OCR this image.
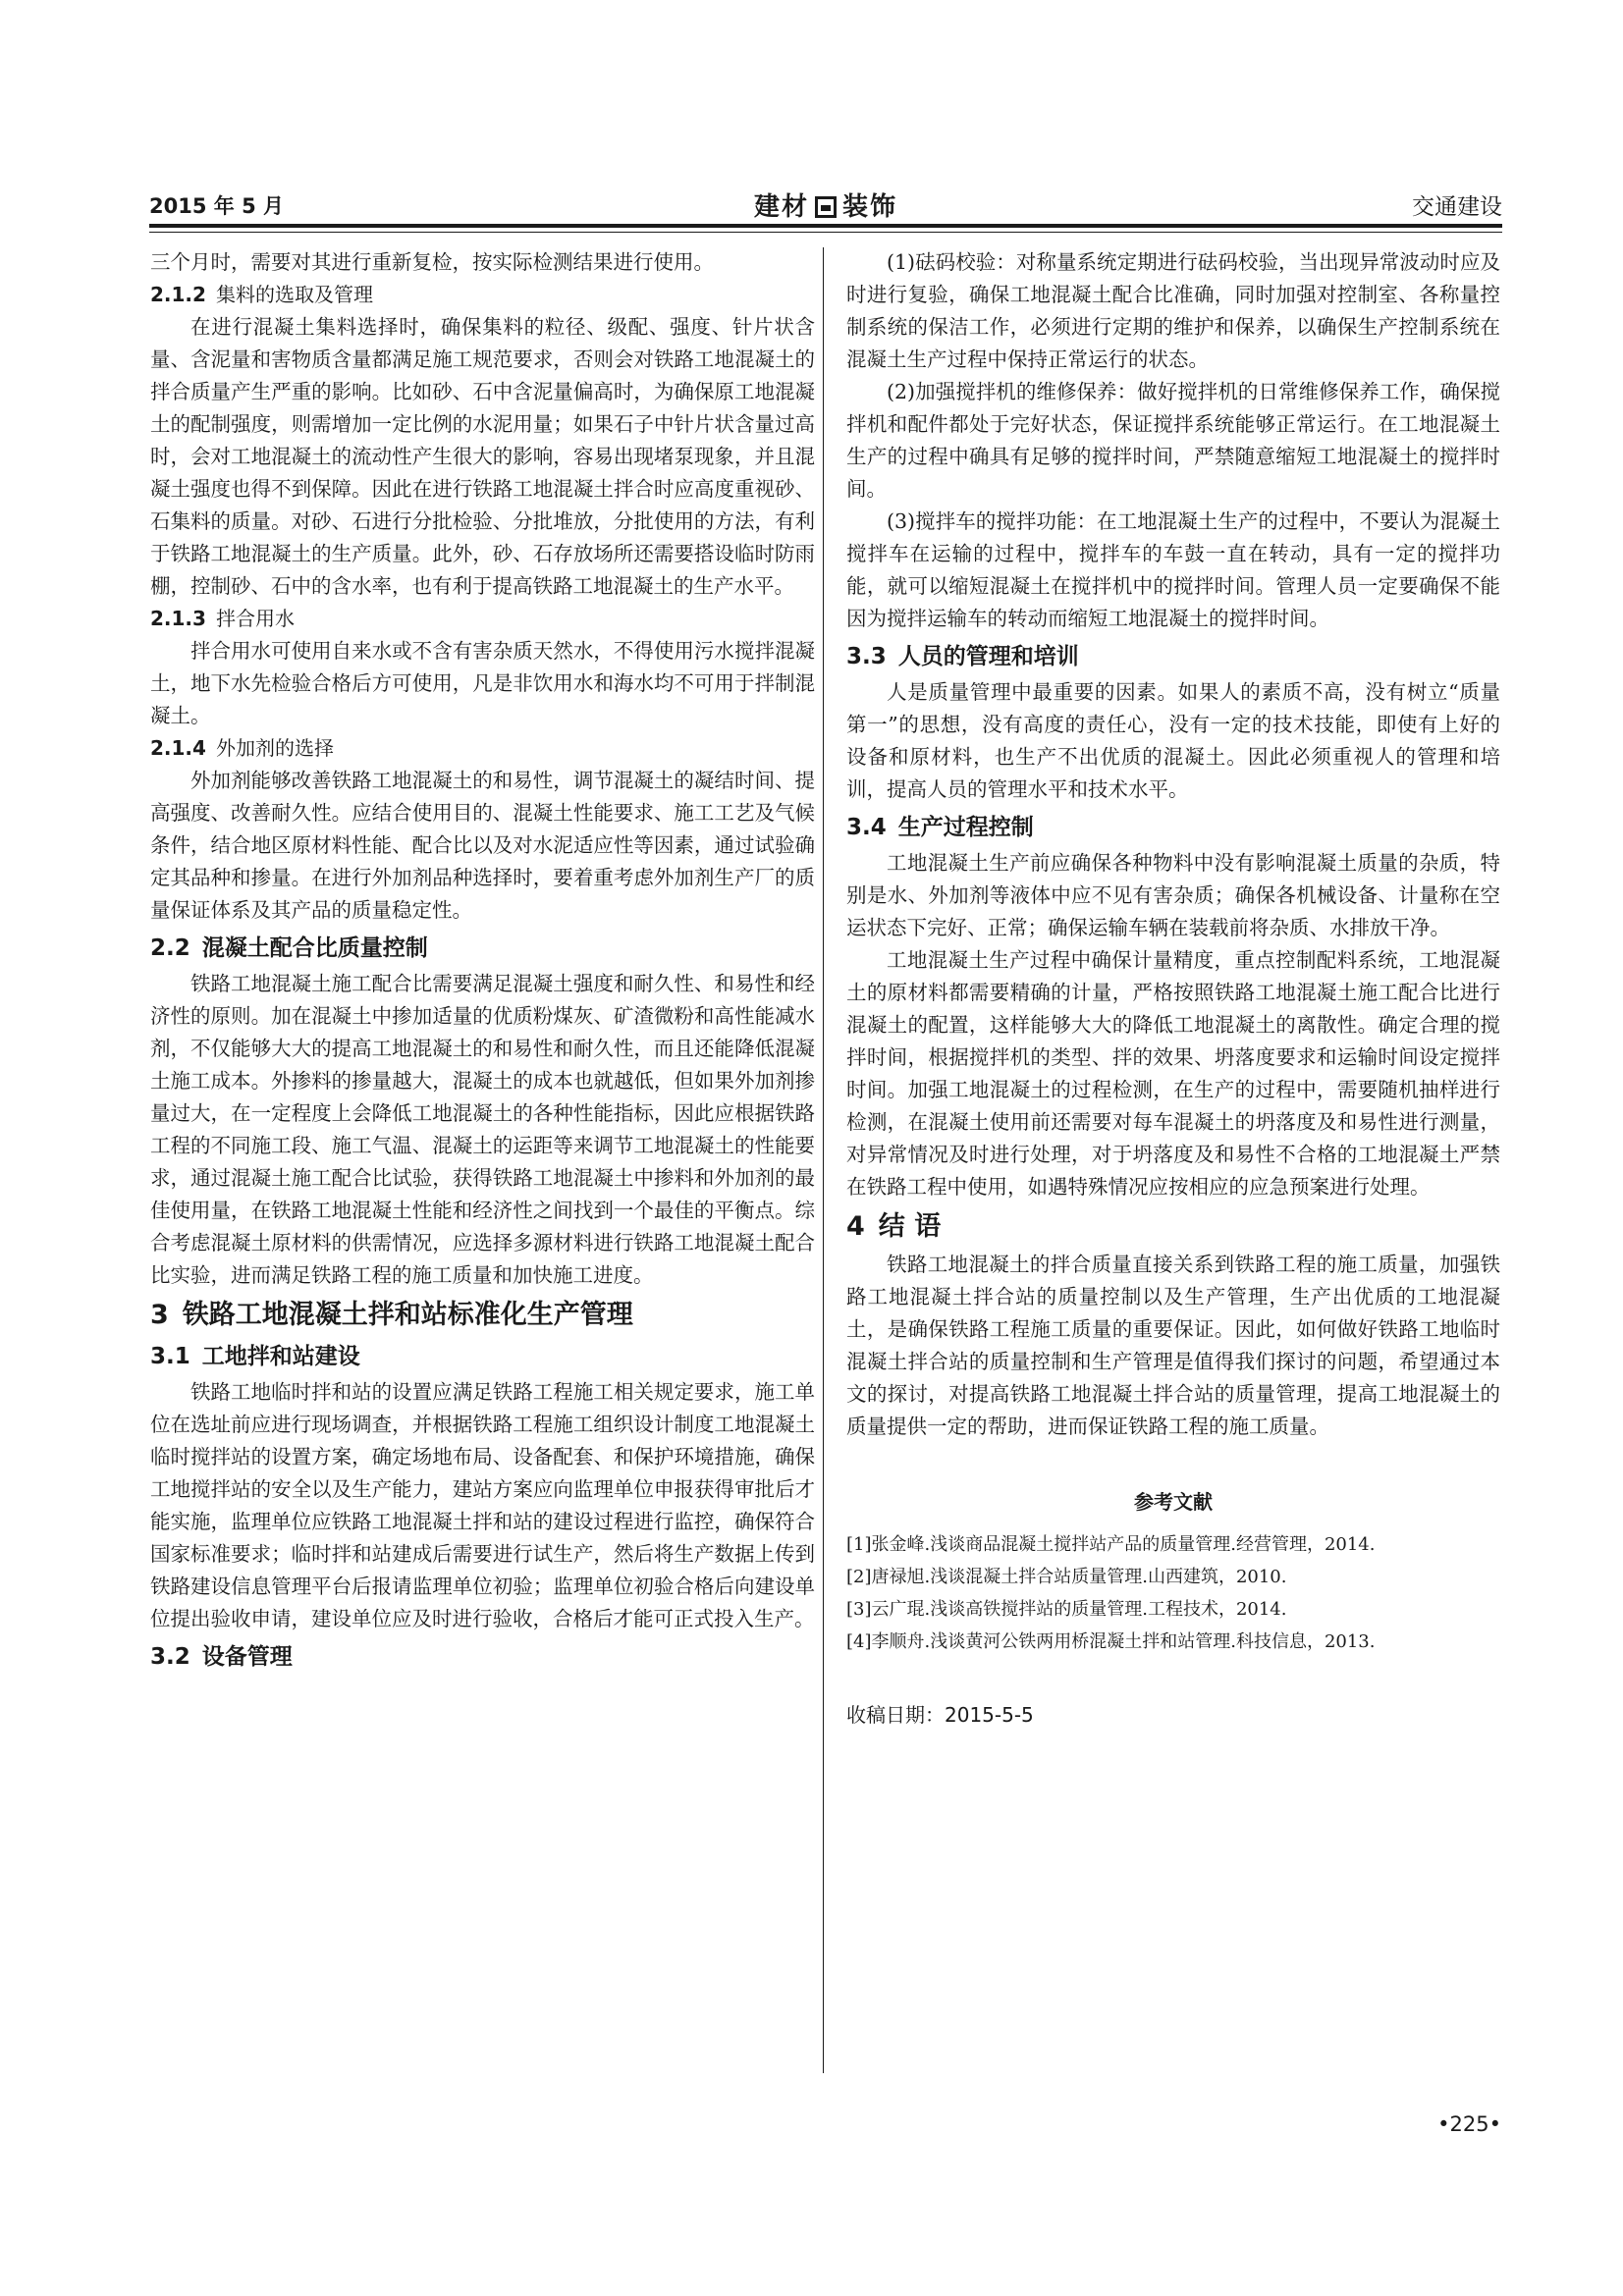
2015 年 5 月	建材 装饰	交通建设

三个月时，需要对其进行重新复检，按实际检测结果进行使用。

2.1.2 集料的选取及管理

在进行混凝土集料选择时，确保集料的粒径、级配、强度、针片状含量、含泥量和害物质含量都满足施工规范要求，否则会对铁路工地混凝土的拌合质量产生严重的影响。比如砂、石中含泥量偏高时，为确保原工地混凝土的配制强度，则需增加一定比例的水泥用量；如果石子中针片状含量过高时，会对工地混凝土的流动性产生很大的影响，容易出现堵泵现象，并且混凝土强度也得不到保障。因此在进行铁路工地混凝土拌合时应高度重视砂、石集料的质量。对砂、石进行分批检验、分批堆放，分批使用的方法，有利于铁路工地混凝土的生产质量。此外，砂、石存放场所还需要搭设临时防雨棚，控制砂、石中的含水率，也有利于提高铁路工地混凝土的生产水平。

2.1.3 拌合用水

拌合用水可使用自来水或不含有害杂质天然水，不得使用污水搅拌混凝土，地下水先检验合格后方可使用，凡是非饮用水和海水均不可用于拌制混凝土。

2.1.4 外加剂的选择

外加剂能够改善铁路工地混凝土的和易性，调节混凝土的凝结时间、提高强度、改善耐久性。应结合使用目的、混凝土性能要求、施工工艺及气候条件，结合地区原材料性能、配合比以及对水泥适应性等因素，通过试验确定其品种和掺量。在进行外加剂品种选择时，要着重考虑外加剂生产厂的质量保证体系及其产品的质量稳定性。

2.2 混凝土配合比质量控制

铁路工地混凝土施工配合比需要满足混凝土强度和耐久性、和易性和经济性的原则。加在混凝土中掺加适量的优质粉煤灰、矿渣微粉和高性能减水剂，不仅能够大大的提高工地混凝土的和易性和耐久性，而且还能降低混凝土施工成本。外掺料的掺量越大，混凝土的成本也就越低，但如果外加剂掺量过大，在一定程度上会降低工地混凝土的各种性能指标，因此应根据铁路工程的不同施工段、施工气温、混凝土的运距等来调节工地混凝土的性能要求，通过混凝土施工配合比试验，获得铁路工地混凝土中掺料和外加剂的最佳使用量，在铁路工地混凝土性能和经济性之间找到一个最佳的平衡点。综合考虑混凝土原材料的供需情况，应选择多源材料进行铁路工地混凝土配合比实验，进而满足铁路工程的施工质量和加快施工进度。

3 铁路工地混凝土拌和站标准化生产管理
3.1 工地拌和站建设

铁路工地临时拌和站的设置应满足铁路工程施工相关规定要求，施工单位在选址前应进行现场调查，并根据铁路工程施工组织设计制度工地混凝土临时搅拌站的设置方案，确定场地布局、设备配套、和保护环境措施，确保工地搅拌站的安全以及生产能力，建站方案应向监理单位申报获得审批后才能实施，监理单位应铁路工地混凝土拌和站的建设过程进行监控，确保符合国家标准要求；临时拌和站建成后需要进行试生产，然后将生产数据上传到铁路建设信息管理平台后报请监理单位初验；监理单位初验合格后向建设单位提出验收申请，建设单位应及时进行验收，合格后才能可正式投入生产。

3.2 设备管理

(1)砝码校验：对称量系统定期进行砝码校验，当出现异常波动时应及时进行复验，确保工地混凝土配合比准确，同时加强对控制室、各称量控制系统的保洁工作，必须进行定期的维护和保养，以确保生产控制系统在混凝土生产过程中保持正常运行的状态。

(2)加强搅拌机的维修保养：做好搅拌机的日常维修保养工作，确保搅拌机和配件都处于完好状态，保证搅拌系统能够正常运行。在工地混凝土生产的过程中确具有足够的搅拌时间，严禁随意缩短工地混凝土的搅拌时间。

(3)搅拌车的搅拌功能：在工地混凝土生产的过程中，不要认为混凝土搅拌车在运输的过程中，搅拌车的车鼓一直在转动，具有一定的搅拌功能，就可以缩短混凝土在搅拌机中的搅拌时间。管理人员一定要确保不能因为搅拌运输车的转动而缩短工地混凝土的搅拌时间。

3.3 人员的管理和培训

人是质量管理中最重要的因素。如果人的素质不高，没有树立“质量第一”的思想，没有高度的责任心，没有一定的技术技能，即使有上好的设备和原材料，也生产不出优质的混凝土。因此必须重视人的管理和培训，提高人员的管理水平和技术水平。

3.4 生产过程控制

工地混凝土生产前应确保各种物料中没有影响混凝土质量的杂质，特别是水、外加剂等液体中应不见有害杂质；确保各机械设备、计量称在空运状态下完好、正常；确保运输车辆在装载前将杂质、水排放干净。

工地混凝土生产过程中确保计量精度，重点控制配料系统，工地混凝土的原材料都需要精确的计量，严格按照铁路工地混凝土施工配合比进行混凝土的配置，这样能够大大的降低工地混凝土的离散性。确定合理的搅拌时间，根据搅拌机的类型、拌的效果、坍落度要求和运输时间设定搅拌时间。加强工地混凝土的过程检测，在生产的过程中，需要随机抽样进行检测，在混凝土使用前还需要对每车混凝土的坍落度及和易性进行测量，对异常情况及时进行处理，对于坍落度及和易性不合格的工地混凝土严禁在铁路工程中使用，如遇特殊情况应按相应的应急预案进行处理。

4 结 语

铁路工地混凝土的拌合质量直接关系到铁路工程的施工质量，加强铁路工地混凝土拌合站的质量控制以及生产管理，生产出优质的工地混凝土，是确保铁路工程施工质量的重要保证。因此，如何做好铁路工地临时混凝土拌合站的质量控制和生产管理是值得我们探讨的问题，希望通过本文的探讨，对提高铁路工地混凝土拌合站的质量管理，提高工地混凝土的质量提供一定的帮助，进而保证铁路工程的施工质量。

参考文献

[1]张金峰.浅谈商品混凝土搅拌站产品的质量管理.经营管理，2014.

[2]唐禄旭.浅谈混凝土拌合站质量管理.山西建筑，2010.

[3]云广琨.浅谈高铁搅拌站的质量管理.工程技术，2014.

[4]李顺舟.浅谈黄河公铁两用桥混凝土拌和站管理.科技信息，2013.

收稿日期：2015-5-5
•225•
